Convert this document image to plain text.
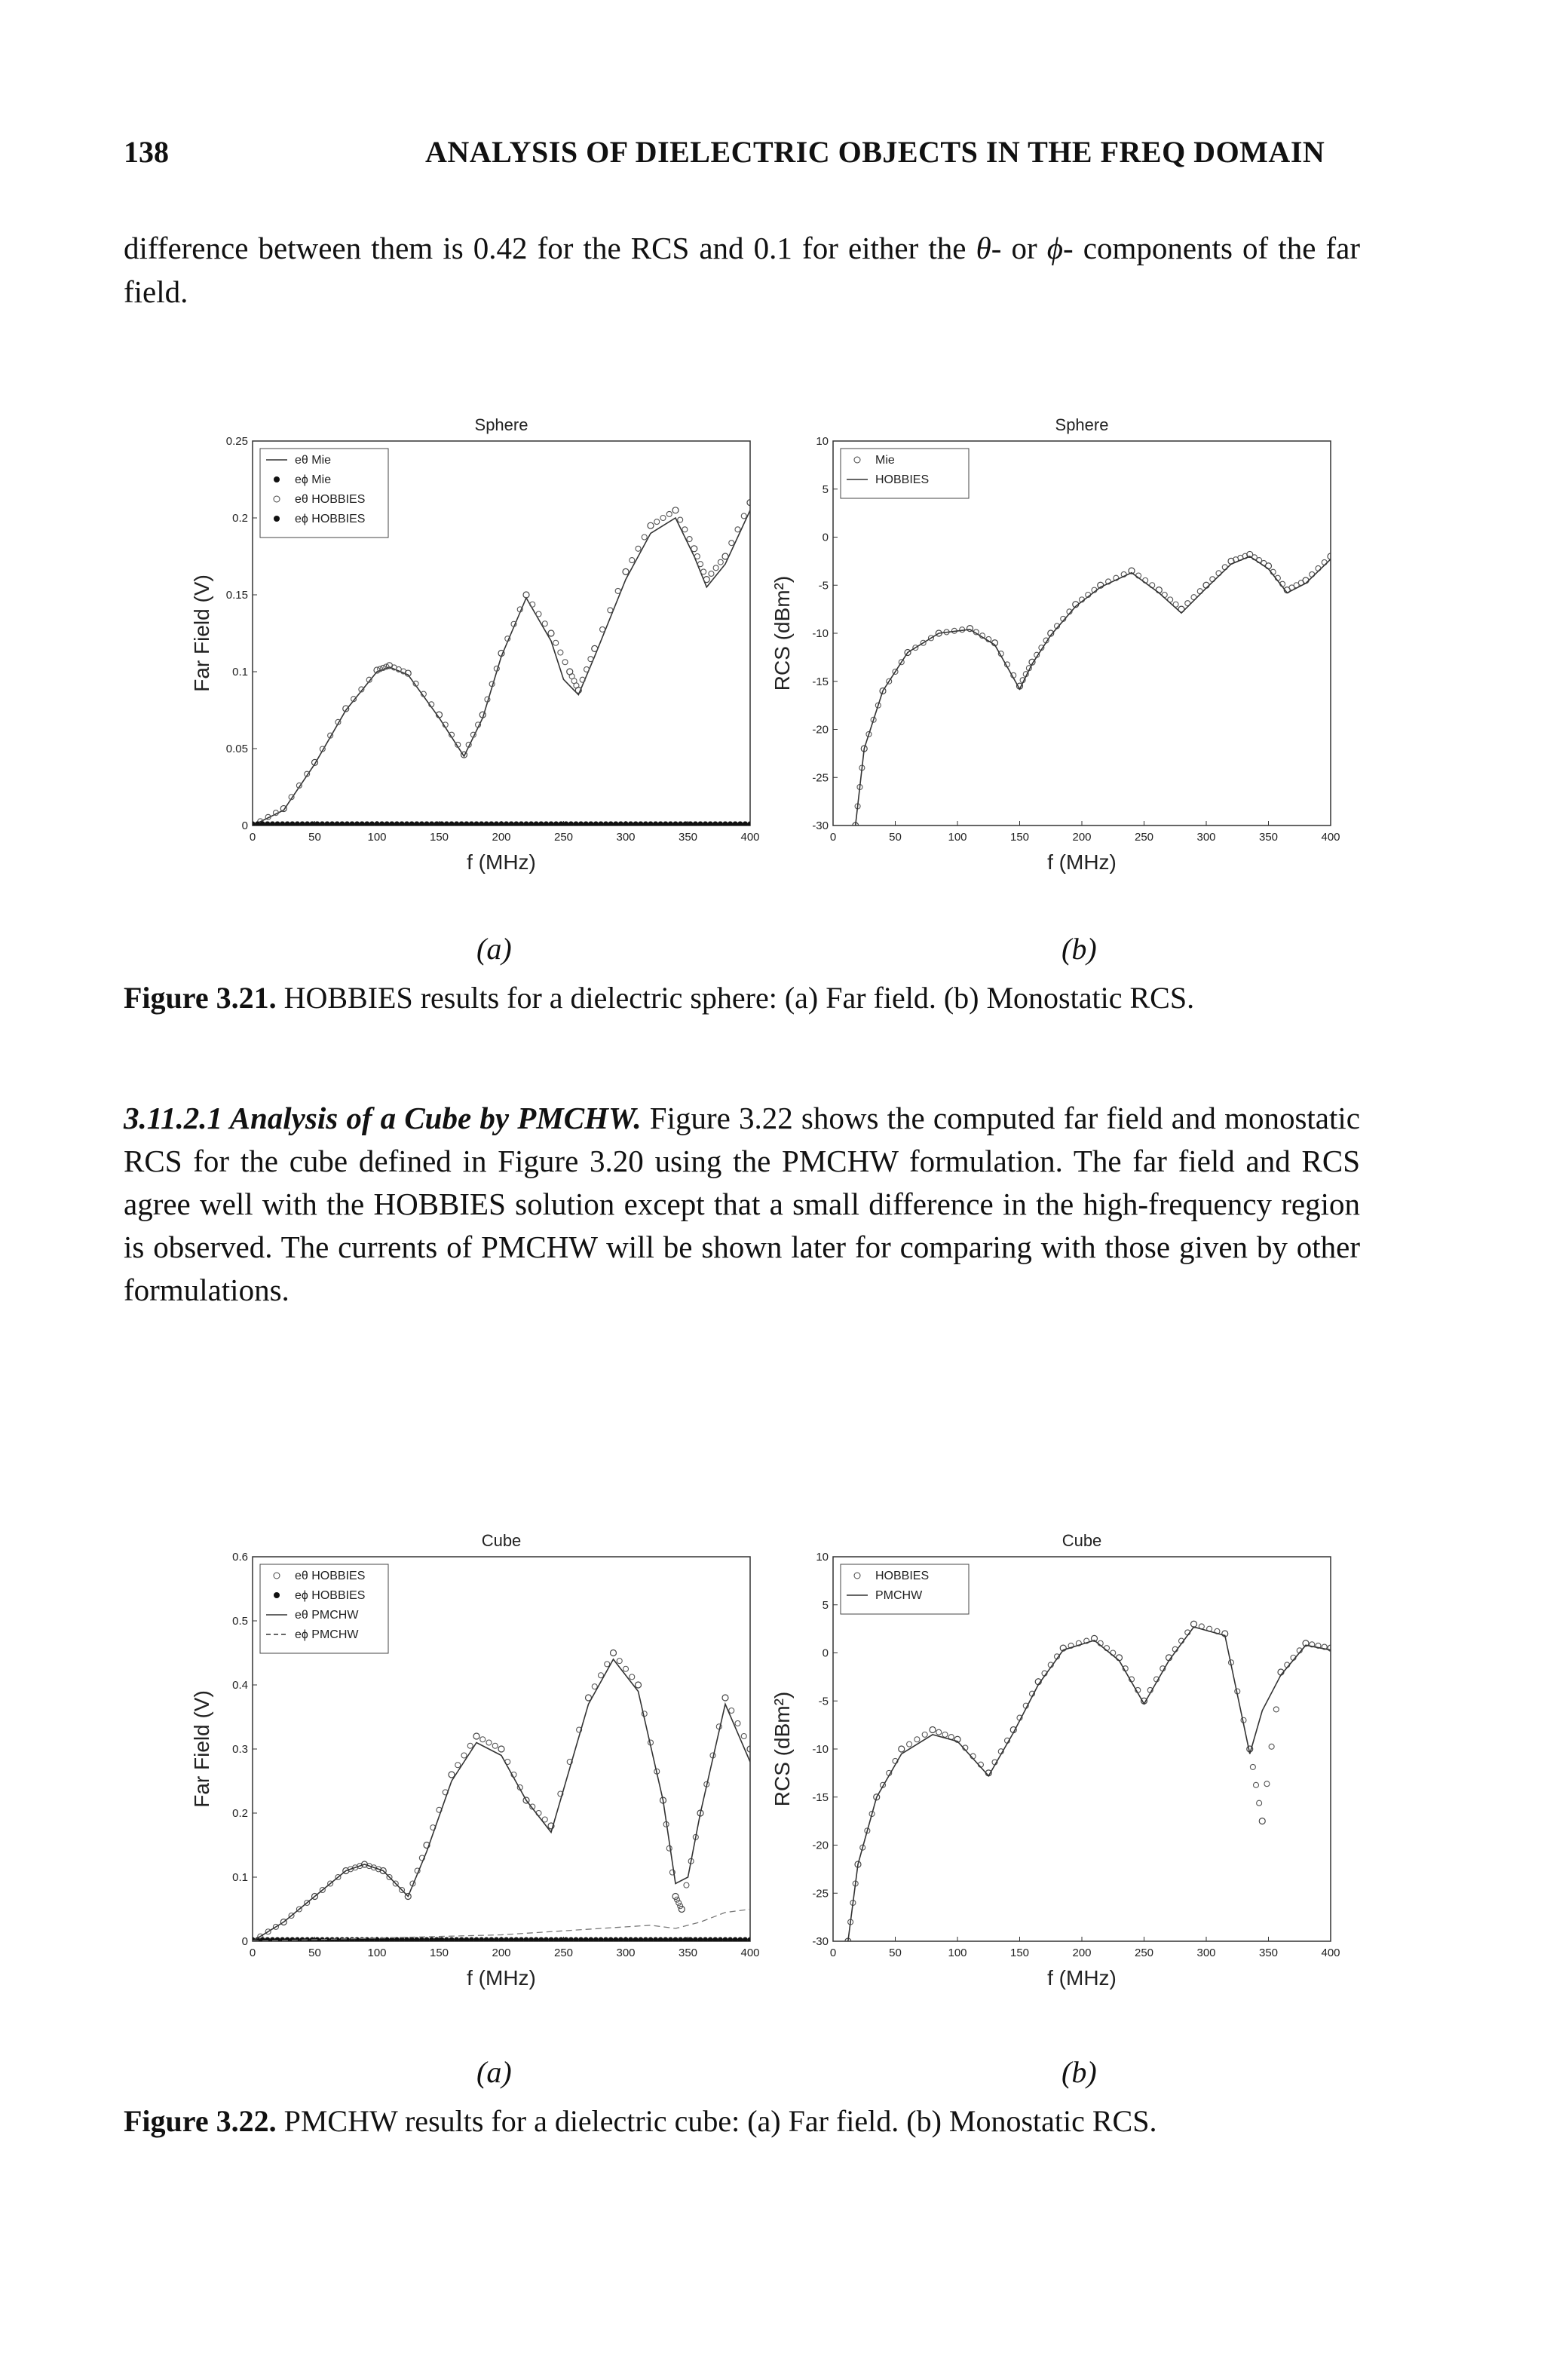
138	ANALYSIS OF DIELECTRIC OBJECTS IN THE FREQ DOMAIN
difference between them is 0.42 for the RCS and 0.1 for either the θ- or ϕ- components of the far field.
Sphere
0	50	100	150	200	250	300	350	400
0
0.05
0.1
0.15
0.2
0.25
f (MHz)
Far Field (V)
eθ Mie
eϕ Mie
eθ HOBBIES
eϕ HOBBIES
Sphere
0	50	100	150	200	250	300	350	400
-30
-25
-20
-15
-10
-5
0
5
10
f (MHz)
RCS (dBm²)
Mie
HOBBIES
(a)	(b)
Figure 3.21. HOBBIES results for a dielectric sphere: (a) Far field. (b) Monostatic RCS.
3.11.2.1 Analysis of a Cube by PMCHW. Figure 3.22 shows the computed far field and monostatic RCS for the cube defined in Figure 3.20 using the PMCHW formulation. The far field and RCS agree well with the HOBBIES solution except that a small difference in the high-frequency region is observed. The currents of PMCHW will be shown later for comparing with those given by other formulations.
Cube
0	50	100	150	200	250	300	350	400
0
0.1
0.2
0.3
0.4
0.5
0.6
f (MHz)
Far Field (V)
eθ HOBBIES
eϕ HOBBIES
eθ PMCHW
eϕ PMCHW
Cube
0	50	100	150	200	250	300	350	400
-30
-25
-20
-15
-10
-5
0
5
10
f (MHz)
RCS (dBm²)
HOBBIES
PMCHW
(a)	(b)
Figure 3.22. PMCHW results for a dielectric cube: (a) Far field. (b) Monostatic RCS.
